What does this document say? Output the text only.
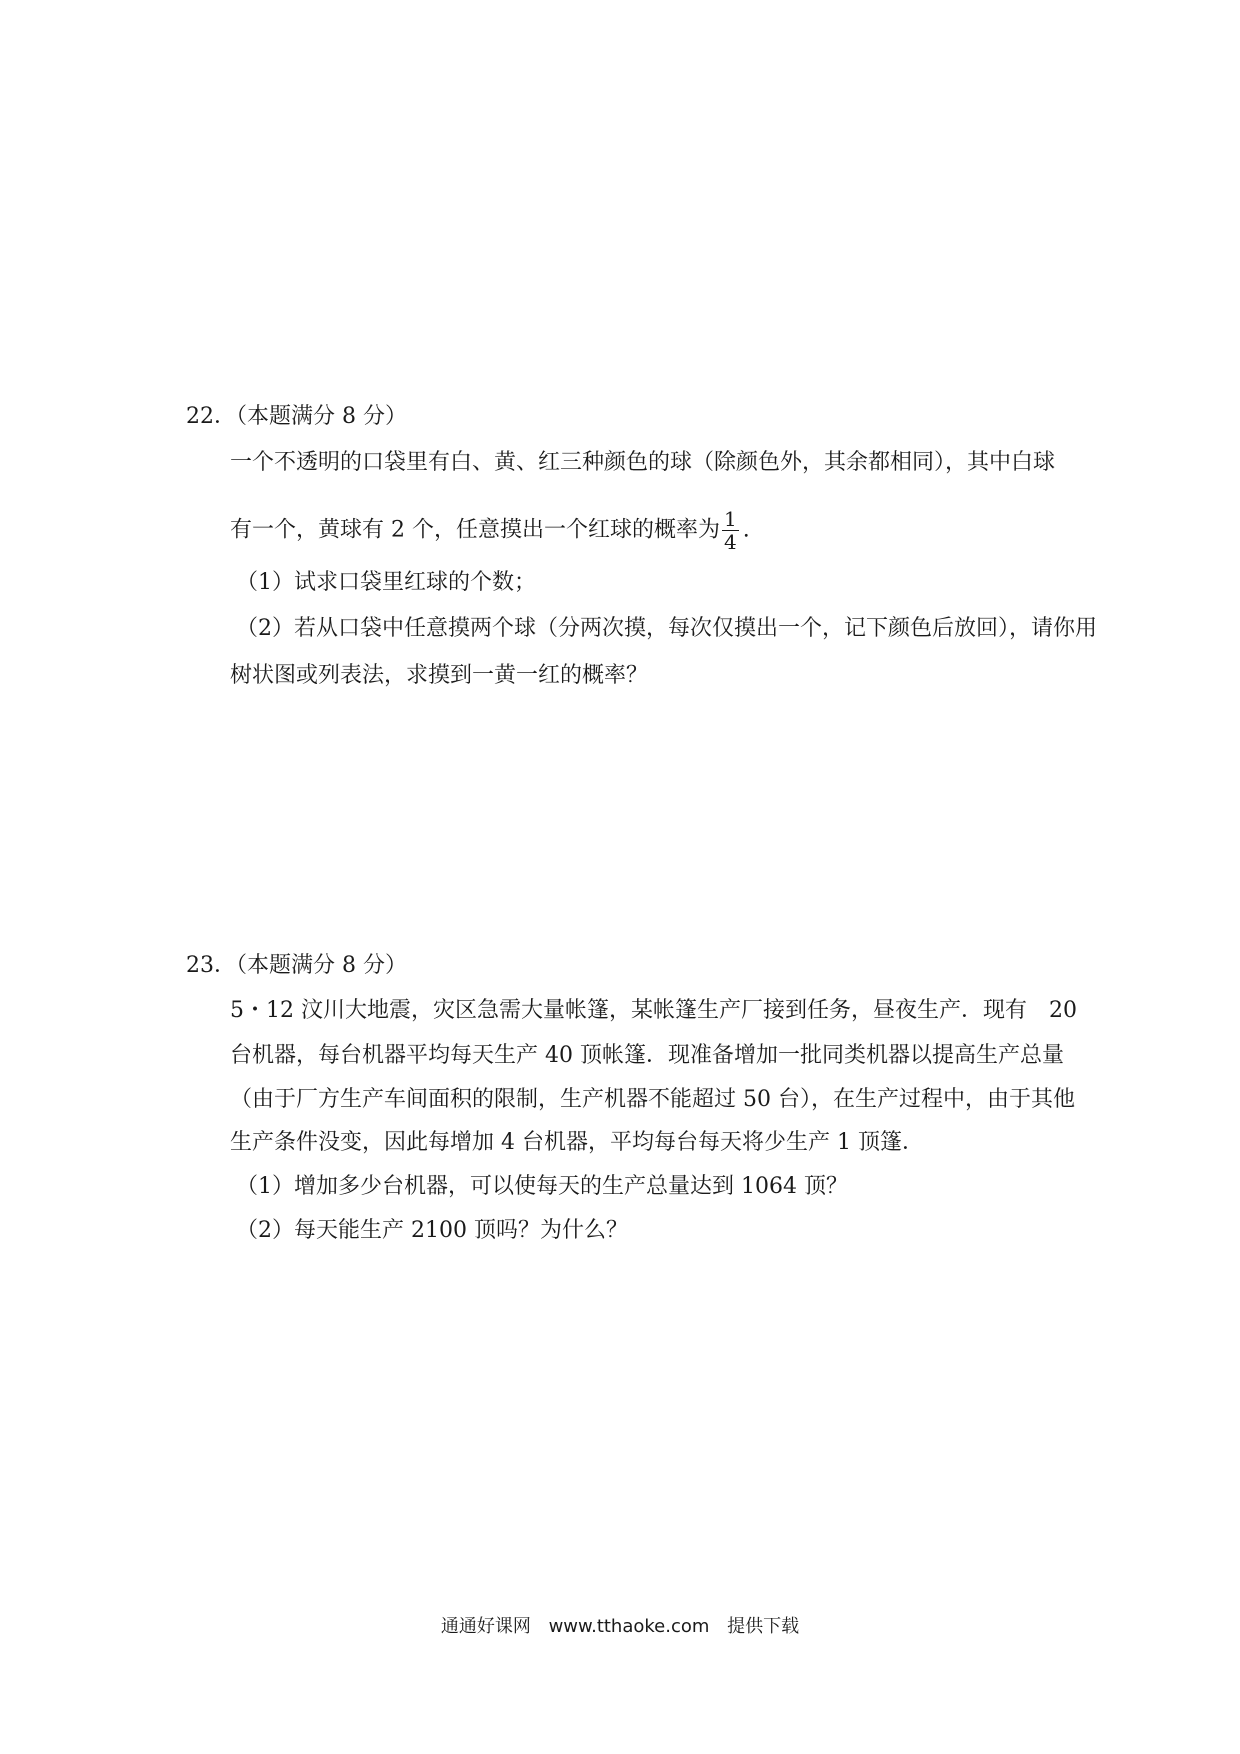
22．（本题满分 8 分）
一个不透明的口袋里有白、黄、红三种颜色的球（除颜色外，其余都相同），其中白球
有一个，黄球有 2 个，任意摸出一个红球的概率为 $\frac{1}{4}$ .
（1）试求口袋里红球的个数；
（2）若从口袋中任意摸两个球（分两次摸，每次仅摸出一个，记下颜色后放回），请你用
树状图或列表法，求摸到一黄一红的概率？
23．（本题满分 8 分）
5・12 汶川大地震，灾区急需大量帐篷，某帐篷生产厂接到任务，昼夜生产．现有　20
台机器，每台机器平均每天生产 40 顶帐篷．现准备增加一批同类机器以提高生产总量
（由于厂方生产车间面积的限制，生产机器不能超过 50 台），在生产过程中，由于其他
生产条件没变，因此每增加 4 台机器，平均每台每天将少生产 1 顶篷．
（1）增加多少台机器，可以使每天的生产总量达到 1064 顶？
（2）每天能生产 2100 顶吗？为什么？
通通好课网 www.tthaoke.com 提供下载
